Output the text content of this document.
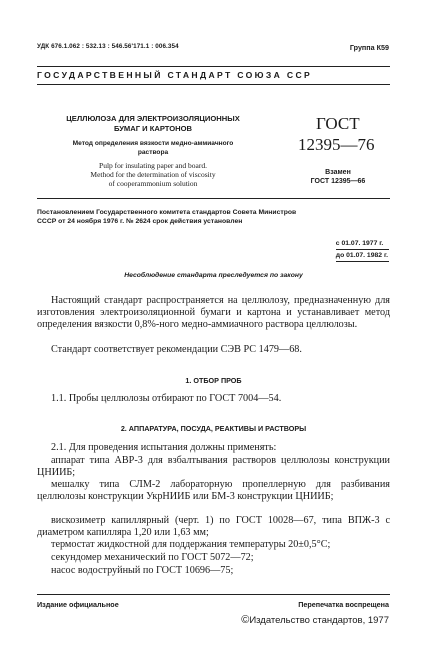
УДК 676.1.062 : 532.13 : 546.56'171.1 : 006.354	Группа К59
ГОСУДАРСТВЕННЫЙ СТАНДАРТ СОЮЗА ССР
ЦЕЛЛЮЛОЗА ДЛЯ ЭЛЕКТРОИЗОЛЯЦИОННЫХ
БУМАГ И КАРТОНОВ
Метод определения вязкости медно-аммиачного
раствора
Pulp for insulating paper and board.
Method for the determination of viscosity
of cooperammonium solution
ГОСТ
12395—76
Взамен
ГОСТ 12395—66
Постановлением Государственного комитета стандартов Совета Министров
СССР от 24 ноября 1976 г. № 2624 срок действия установлен
с 01.07. 1977 г.
до 01.07. 1982 г.
Несоблюдение стандарта преследуется по закону
Настоящий стандарт распространяется на целлюлозу, предназначенную для изготовления электроизоляционной бумаги и картона и устанавливает метод определения вязкости 0,8%-ного медно-аммиачного раствора целлюлозы.
Стандарт соответствует рекомендации СЭВ РС 1479—68.
1. ОТБОР ПРОБ
1.1. Пробы целлюлозы отбирают по ГОСТ 7004—54.
2. АППАРАТУРА, ПОСУДА, РЕАКТИВЫ И РАСТВОРЫ
2.1. Для проведения испытания должны применять:
аппарат типа АВР-3 для взбалтывания растворов целлюлозы конструкции ЦНИИБ;
мешалку типа СЛМ-2 лабораторную пропеллерную для разбивания целлюлозы конструкции УкрНИИБ или БМ-3 конструкции ЦНИИБ;
вискозиметр капиллярный (черт. 1) по ГОСТ 10028—67, типа ВПЖ-3 с диаметром капилляра 1,20 или 1,63 мм;
термостат жидкостной для поддержания температуры 20±0,5°С;
секундомер механический по ГОСТ 5072—72;
насос водоструйный по ГОСТ 10696—75;
Издание официальное	Перепечатка воспрещена
©Издательство стандартов, 1977
